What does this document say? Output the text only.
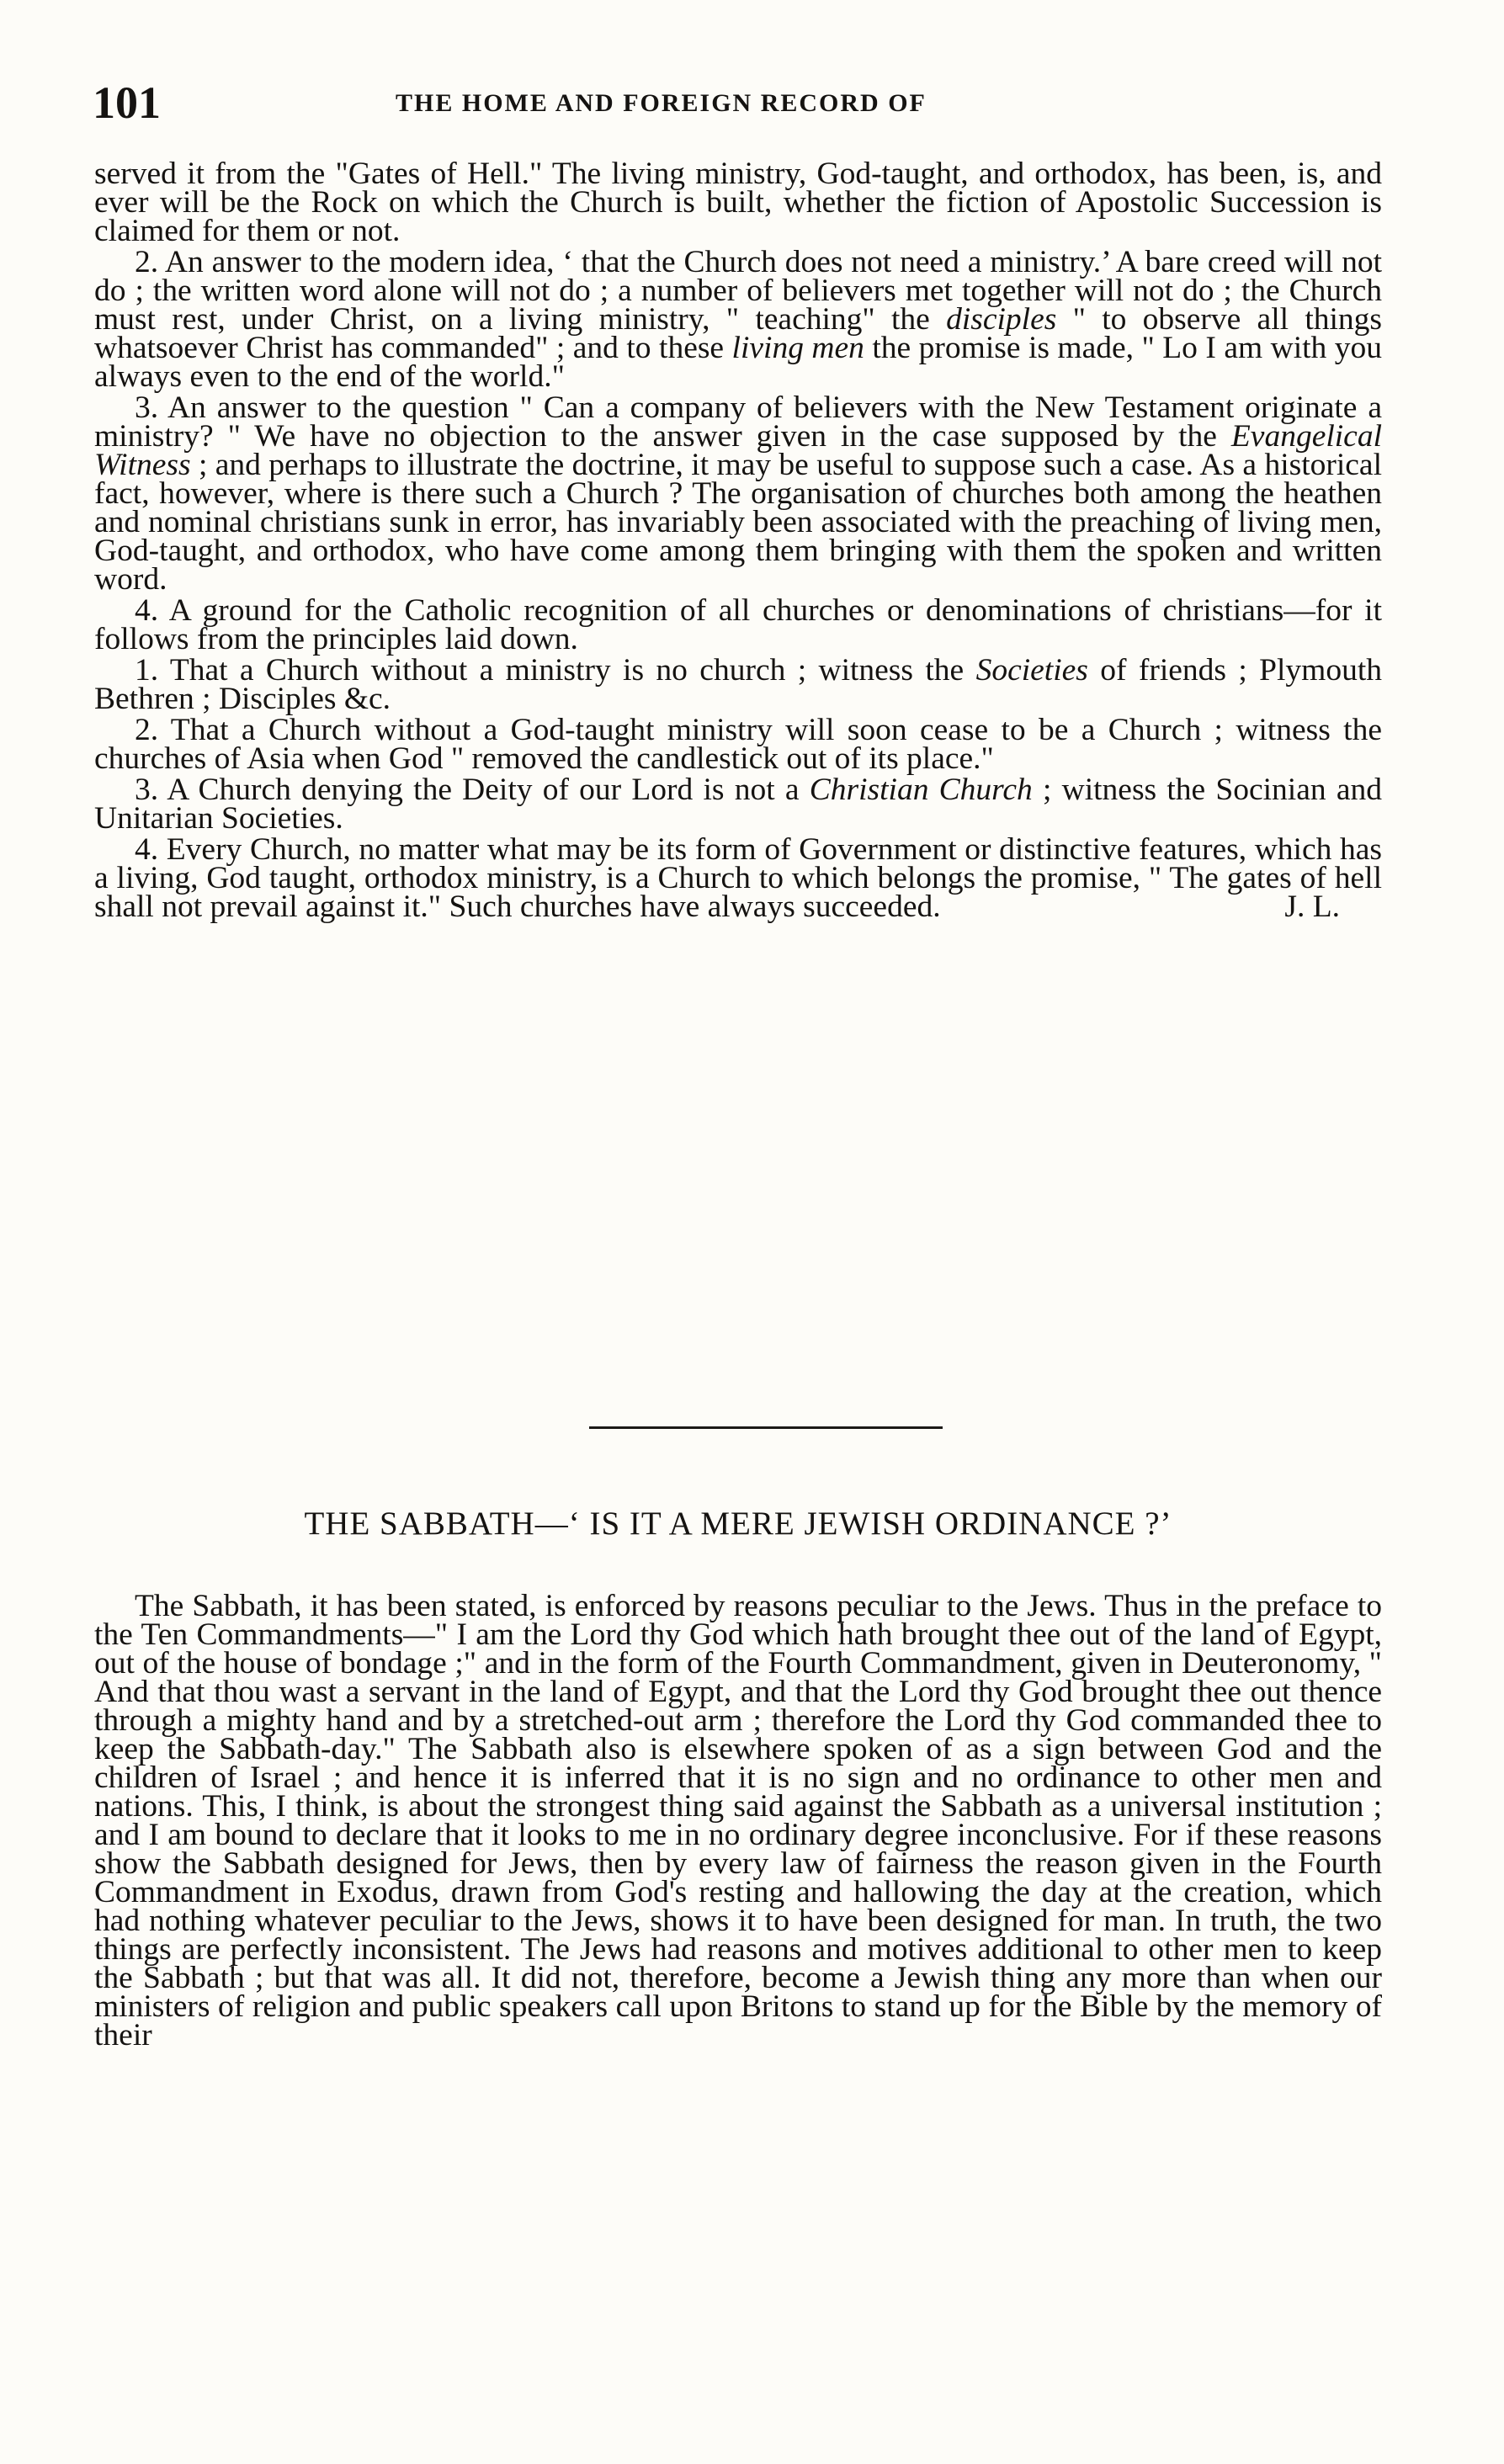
101	THE HOME AND FOREIGN RECORD OF

served it from the "Gates of Hell." The living ministry, God-taught, and orthodox, has been, is, and ever will be the Rock on which the Church is built, whether the fiction of Apostolic Succession is claimed for them or not.

2. An answer to the modern idea, ‘ that the Church does not need a ministry.’ A bare creed will not do ; the written word alone will not do ; a number of believers met together will not do ; the Church must rest, under Christ, on a living ministry, " teaching" the disciples " to observe all things whatsoever Christ has commanded" ; and to these living men the promise is made, " Lo I am with you always even to the end of the world."

3. An answer to the question " Can a company of believers with the New Testament originate a ministry? " We have no objection to the answer given in the case supposed by the Evangelical Witness ; and perhaps to illustrate the doctrine, it may be useful to suppose such a case. As a historical fact, however, where is there such a Church ? The organisation of churches both among the heathen and nominal christians sunk in error, has invariably been associated with the preaching of living men, God-taught, and orthodox, who have come among them bringing with them the spoken and written word.

4. A ground for the Catholic recognition of all churches or denominations of christians—for it follows from the principles laid down.

1. That a Church without a ministry is no church ; witness the Societies of friends ; Plymouth Bethren ; Disciples &c.

2. That a Church without a God-taught ministry will soon cease to be a Church ; witness the churches of Asia when God " removed the candlestick out of its place."

3. A Church denying the Deity of our Lord is not a Christian Church ; witness the Socinian and Unitarian Societies.

4. Every Church, no matter what may be its form of Government or distinctive features, which has a living, God taught, orthodox ministry, is a Church to which belongs the promise, " The gates of hell shall not prevail against it." Such churches have always succeeded.	J. L.

THE SABBATH—‘ IS IT A MERE JEWISH ORDINANCE ?’

The Sabbath, it has been stated, is enforced by reasons peculiar to the Jews. Thus in the preface to the Ten Commandments—" I am the Lord thy God which hath brought thee out of the land of Egypt, out of the house of bondage ;" and in the form of the Fourth Commandment, given in Deuteronomy, " And that thou wast a servant in the land of Egypt, and that the Lord thy God brought thee out thence through a mighty hand and by a stretched-out arm ; therefore the Lord thy God commanded thee to keep the Sabbath-day." The Sabbath also is elsewhere spoken of as a sign between God and the children of Israel ; and hence it is inferred that it is no sign and no ordinance to other men and nations. This, I think, is about the strongest thing said against the Sabbath as a universal institution ; and I am bound to declare that it looks to me in no ordinary degree inconclusive. For if these reasons show the Sabbath designed for Jews, then by every law of fairness the reason given in the Fourth Commandment in Exodus, drawn from God's resting and hallowing the day at the creation, which had nothing whatever peculiar to the Jews, shows it to have been designed for man. In truth, the two things are perfectly inconsistent. The Jews had reasons and motives additional to other men to keep the Sabbath ; but that was all. It did not, therefore, become a Jewish thing any more than when our ministers of religion and public speakers call upon Britons to stand up for the Bible by the memory of their
